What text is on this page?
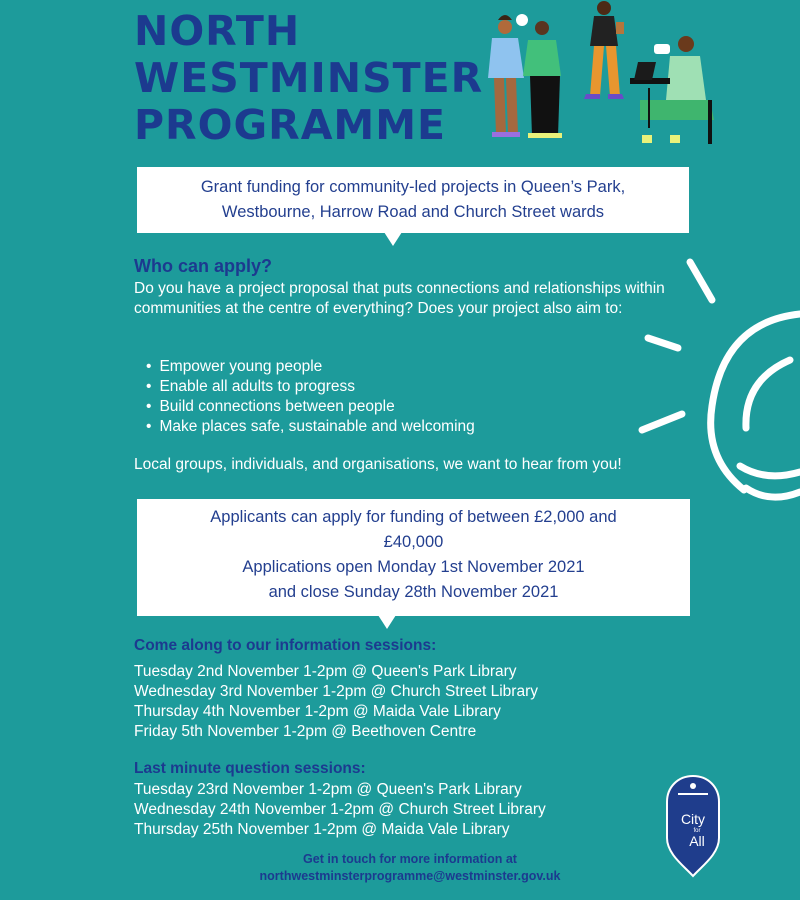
NORTH
WESTMINSTER
PROGRAMME

Grant funding for community-led projects in Queen’s Park,

Westbourne, Harrow Road and Church Street wards

Who can apply?
Do you have a project proposal that puts connections and relationships within communities at the centre of everything? Does your project also aim to:
• Empower young people
• Enable all adults to progress
• Build connections between people
• Make places safe, sustainable and welcoming
Local groups, individuals, and organisations, we want to hear from you!

Applicants can apply for funding of between £2,000 and

£40,000

Applications open Monday 1st November 2021

and close Sunday 28th November 2021

Come along to our information sessions:
Tuesday 2nd November 1-2pm @ Queen's Park Library
Wednesday 3rd November 1-2pm @ Church Street Library
Thursday 4th November 1-2pm @ Maida Vale Library
Friday 5th November 1-2pm @ Beethoven Centre
Last minute question sessions:
Tuesday 23rd November 1-2pm @ Queen's Park Library
Wednesday 24th November 1-2pm @ Church Street Library
Thursday 25th November 1-2pm @ Maida Vale Library
Get in touch for more information at
northwestminsterprogramme@westminster.gov.uk
City
for
All
